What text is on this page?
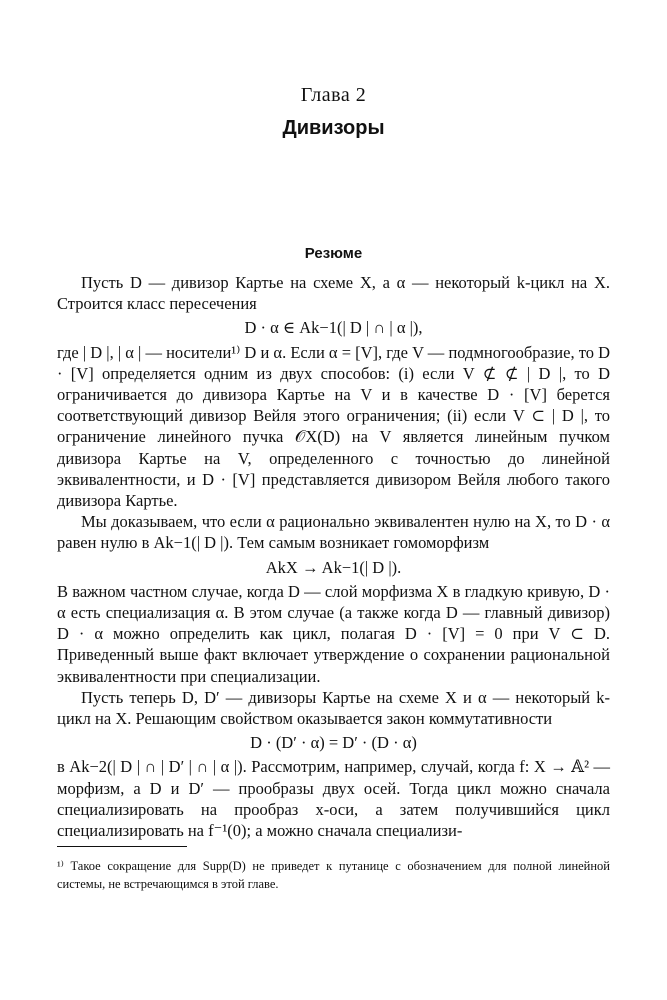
Глава 2
Дивизоры
Резюме

Пусть D — дивизор Картье на схеме X, а α — некоторый k-цикл на X. Строится класс пересечения

D · α ∈ Ak−1(| D | ∩ | α |),

где | D |, | α | — носители¹⁾ D и α. Если α = [V], где V — подмногообразие, то D · [V] определяется одним из двух способов: (i) если V ⊄ ⊄ | D |, то D ограничивается до дивизора Картье на V и в качестве D · [V] берется соответствующий дивизор Вейля этого ограничения; (ii) если V ⊂ | D |, то ограничение линейного пучка 𝒪X(D) на V является линейным пучком дивизора Картье на V, определенного с точностью до линейной эквивалентности, и D · [V] представляется дивизором Вейля любого такого дивизора Картье.

Мы доказываем, что если α рационально эквивалентен нулю на X, то D · α равен нулю в Ak−1(| D |). Тем самым возникает гомоморфизм

AkX → Ak−1(| D |).

В важном частном случае, когда D — слой морфизма X в гладкую кривую, D · α есть специализация α. В этом случае (а также когда D — главный дивизор) D · α можно определить как цикл, полагая D · [V] = 0 при V ⊂ D. Приведенный выше факт включает утверждение о сохранении рациональной эквивалентности при специализации.

Пусть теперь D, D′ — дивизоры Картье на схеме X и α — некоторый k-цикл на X. Решающим свойством оказывается закон коммутативности

D · (D′ · α) = D′ · (D · α)

в Ak−2(| D | ∩ | D′ | ∩ | α |). Рассмотрим, например, случай, когда f: X → 𝔸² — морфизм, а D и D′ — прообразы двух осей. Тогда цикл можно сначала специализировать на прообраз x-оси, а затем получившийся цикл специализировать на f⁻¹(0); а можно сначала специализи-

¹⁾ Такое сокращение для Supp(D) не приведет к путанице с обозначением для полной линейной системы, не встречающимся в этой главе.
